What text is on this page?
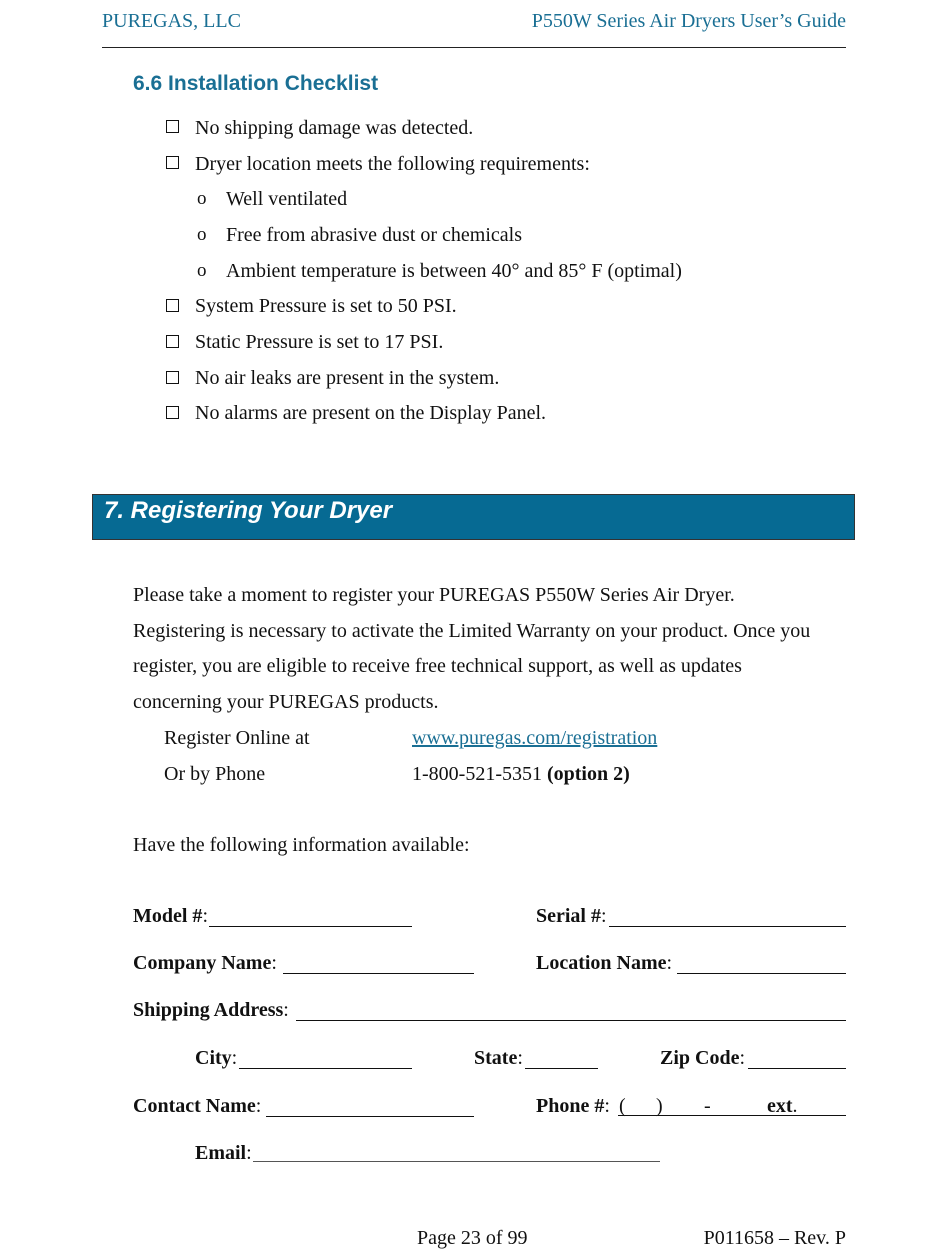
PUREGAS, LLC	P550W Series Air Dryers User’s Guide
6.6 Installation Checklist
No shipping damage was detected.
Dryer location meets the following requirements:
o Well ventilated
o Free from abrasive dust or chemicals
o Ambient temperature is between 40° and 85° F (optimal)
System Pressure is set to 50 PSI.
Static Pressure is set to 17 PSI.
No air leaks are present in the system.
No alarms are present on the Display Panel.
7. Registering Your Dryer
Please take a moment to register your PUREGAS P550W Series Air Dryer.
Registering is necessary to activate the Limited Warranty on your product. Once you
register, you are eligible to receive free technical support, as well as updates
concerning your PUREGAS products.
Register Online at	www.puregas.com/registration
Or by Phone	1-800-521-5351 (option 2)
Have the following information available:
Model #:	Serial #:
Company Name:	Location Name:
Shipping Address:
City:	State:	Zip Code:
Contact Name:	Phone #: ( ) -	ext.
Email:
Page 23 of 99	P011658 – Rev. P
